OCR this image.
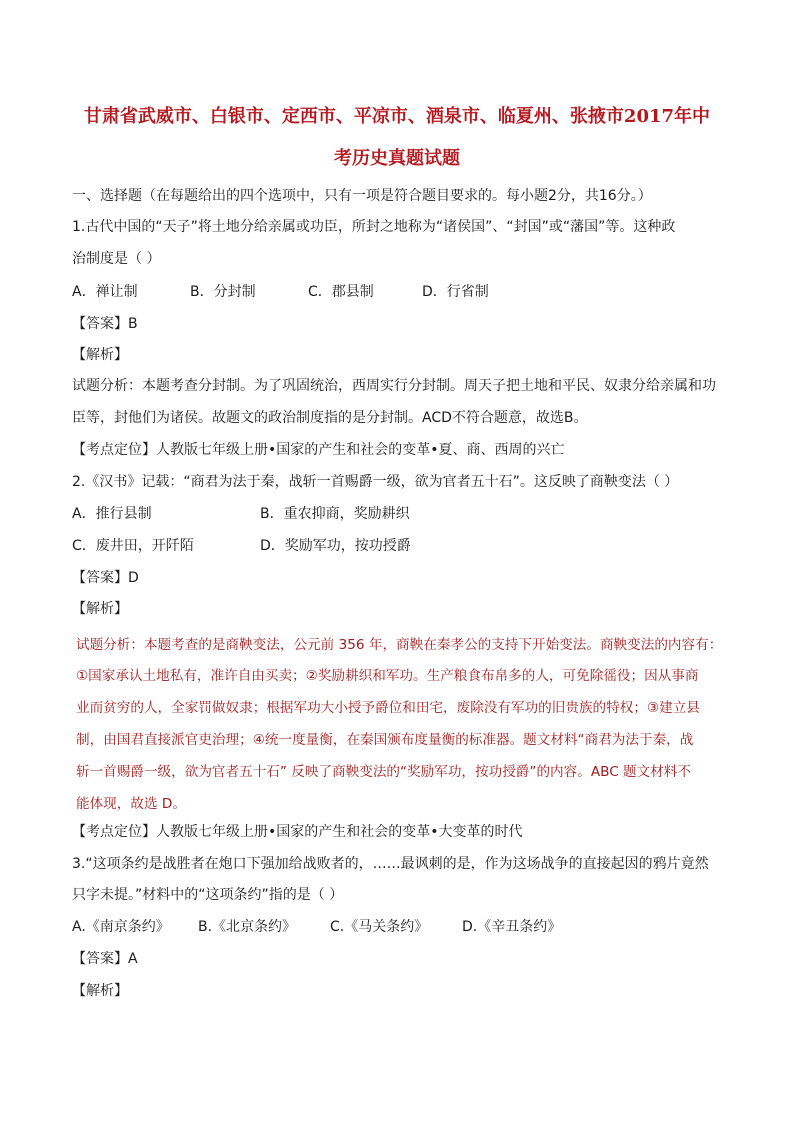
甘肃省武威市、白银市、定西市、平凉市、酒泉市、临夏州、张掖市2017年中
考历史真题试题
一、选择题（在每题给出的四个选项中，只有一项是符合题目要求的。每小题2分，共16分。）
1.古代中国的“天子”将土地分给亲属或功臣，所封之地称为“诸侯国”、“封国”或“藩国”等。这种政
治制度是（ ）
A．禅让制	B．分封制	C．郡县制	D．行省制
【答案】B
【解析】
试题分析：本题考查分封制。为了巩固统治，西周实行分封制。周天子把土地和平民、奴隶分给亲属和功
臣等，封他们为诸侯。故题文的政治制度指的是分封制。ACD不符合题意，故选B。
【考点定位】人教版七年级上册•国家的产生和社会的变革•夏、商、西周的兴亡
2.《汉书》记载：“商君为法于秦，战斩一首赐爵一级，欲为官者五十石”。这反映了商鞅变法（ ）
A．推行县制	B．重农抑商，奖励耕织
C．废井田，开阡陌	D．奖励军功，按功授爵
【答案】D
【解析】
试题分析：本题考查的是商鞅变法，公元前 356 年，商鞅在秦孝公的支持下开始变法。商鞅变法的内容有：
①国家承认土地私有，准许自由买卖；②奖励耕织和军功。生产粮食布帛多的人，可免除徭役；因从事商
业而贫穷的人，全家罚做奴隶；根据军功大小授予爵位和田宅，废除没有军功的旧贵族的特权；③建立县
制，由国君直接派官吏治理；④统一度量衡，在秦国颁布度量衡的标准器。题文材料“商君为法于秦，战
斩一首赐爵一级，欲为官者五十石” 反映了商鞅变法的“奖励军功，按功授爵”的内容。ABC 题文材料不
能体现，故选 D。
【考点定位】人教版七年级上册•国家的产生和社会的变革•大变革的时代
3.“这项条约是战胜者在炮口下强加给战败者的，……最讽刺的是，作为这场战争的直接起因的鸦片竟然
只字未提。”材料中的“这项条约”指的是（ ）
A.《南京条约》 B.《北京条约》 C.《马关条约》 D.《辛丑条约》
【答案】A
【解析】
